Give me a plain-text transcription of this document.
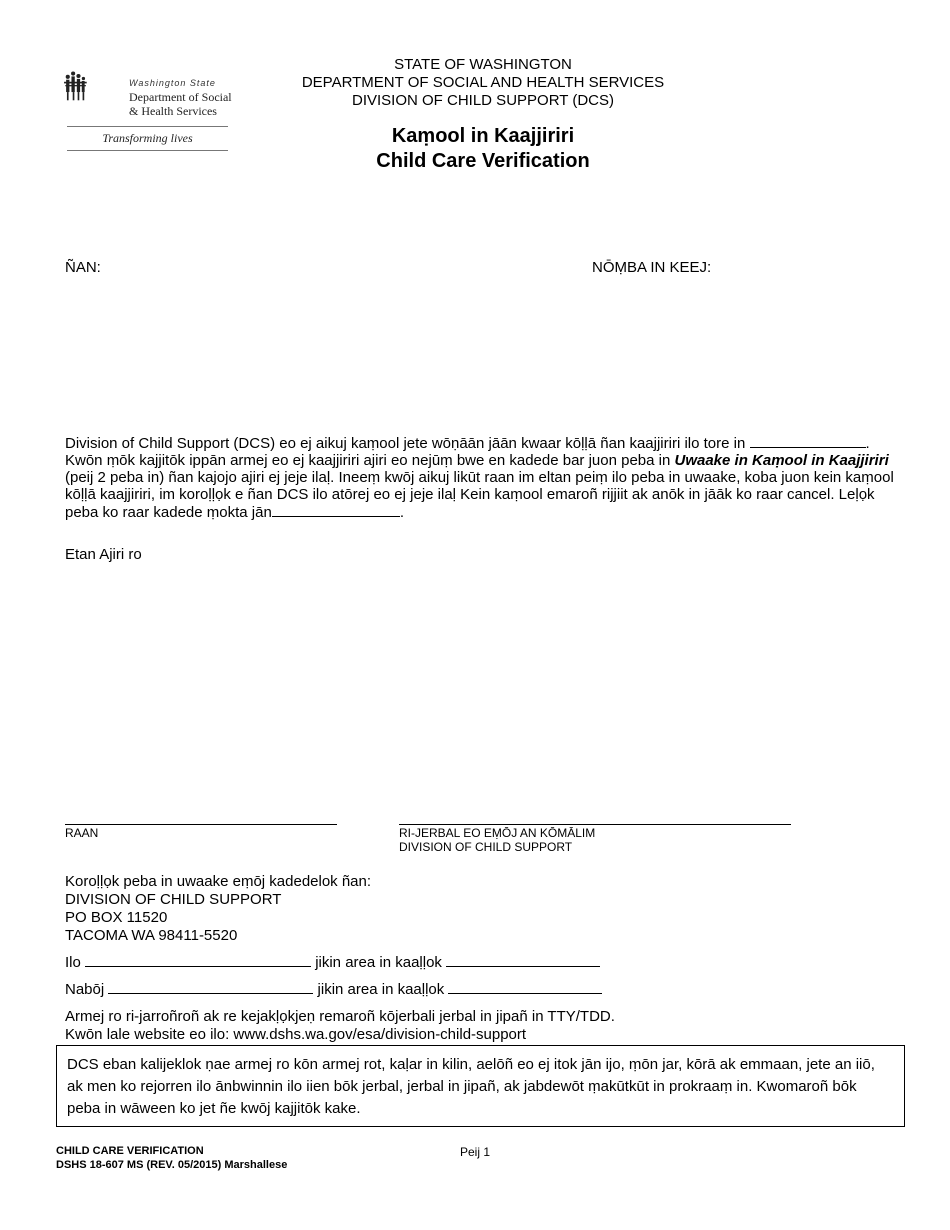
Washington State
Department of Social
& Health Services
Transforming lives
STATE OF WASHINGTON
DEPARTMENT OF SOCIAL AND HEALTH SERVICES
DIVISION OF CHILD SUPPORT (DCS)
Kaṃool in Kaajjiriri
Child Care Verification
ÑAN:	NŌṂBA IN KEEJ:
Division of Child Support (DCS) eo ej aikuj kaṃool jete wōṇāān jāān kwaar kōḷḷā ñan kaajjiriri ilo tore in	. Kwōn ṃōk kajjitōk ippān armej eo ej kaajjiriri ajiri eo nejūṃ bwe en kadede bar juon peba in Uwaake in Kaṃool in Kaajjiriri (peij 2 peba in) ñan kajojo ajiri ej jeje ilaḷ. Ineeṃ kwōj aikuj likūt raan im eltan peiṃ ilo peba in uwaake, koba juon kein kaṃool kōḷḷā kaajjiriri, im koroḷḷọk e ñan DCS ilo atōrej eo ej jeje ilaḷ Kein kaṃool emaroñ rijjiit ak anōk in jāāk ko raar cancel. Leḷọk peba ko raar kadede ṃokta jān	.
Etan Ajiri ro
RAAN	RI-JERBAL EO EṂŌJ AN KŌMĀLIM
DIVISION OF CHILD SUPPORT
Koroḷḷọk peba in uwaake eṃōj kadedelok ñan:
DIVISION OF CHILD SUPPORT
PO BOX 11520
TACOMA WA 98411-5520
Ilo	jikin area in kaaḷḷok
Nabōj	jikin area in kaaḷḷok
Armej ro ri-jarroñroñ ak re kejakḷọkjeṇ remaroñ kōjerbali jerbal in jipañ in TTY/TDD.
Kwōn lale website eo ilo: www.dshs.wa.gov/esa/division-child-support
DCS eban kalijeklok ṇae armej ro kōn armej rot, kaḷar in kilin, aelōñ eo ej itok jān ijo, ṃōn jar, kōrā ak emmaan, jete an iiō, ak men ko rejorren ilo ānbwinnin ilo iien bōk jerbal, jerbal in jipañ, ak jabdewōt ṃakūtkūt in prokraaṃ in. Kwomaroñ bōk peba in wāween ko jet ñe kwōj kajjitōk kake.
CHILD CARE VERIFICATION
DSHS 18-607 MS (REV. 05/2015) Marshallese
Peij 1
